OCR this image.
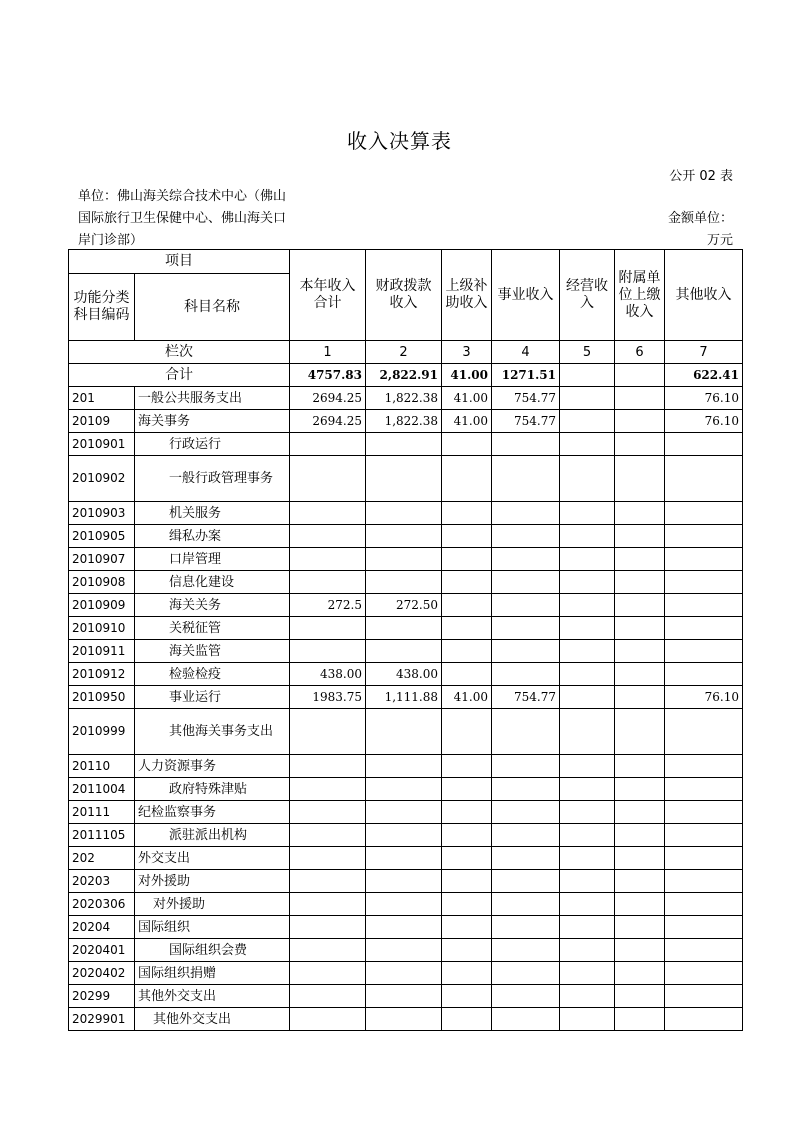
收入决算表
公开 02 表
单位：佛山海关综合技术中心（佛山国际旅行卫生保健中心、佛山海关口岸门诊部）
金额单位：
万元
项目		本年收入合计	财政拨款收入	上级补助收入	事业收入	经营收入	附属单位上缴收入	其他收入
功能分类科目编码	科目名称							
栏次		1	2	3	4	5	6	7
合计		4757.83	2,822.91	41.00	1271.51			622.41
201	一般公共服务支出	2694.25	1,822.38	41.00	754.77			76.10
20109	海关事务	2694.25	1,822.38	41.00	754.77			76.10
2010901	行政运行							
2010902	一般行政管理事务							
2010903	机关服务							
2010905	缉私办案							
2010907	口岸管理							
2010908	信息化建设							
2010909	海关关务	272.5	272.50					
2010910	关税征管							
2010911	海关监管							
2010912	检验检疫	438.00	438.00					
2010950	事业运行	1983.75	1,111.88	41.00	754.77			76.10
2010999	其他海关事务支出							
20110	人力资源事务							
2011004	政府特殊津贴							
20111	纪检监察事务							
2011105	派驻派出机构							
202	外交支出							
20203	对外援助							
2020306	对外援助							
20204	国际组织							
2020401	国际组织会费							
2020402	国际组织捐赠							
20299	其他外交支出							
2029901	其他外交支出							
